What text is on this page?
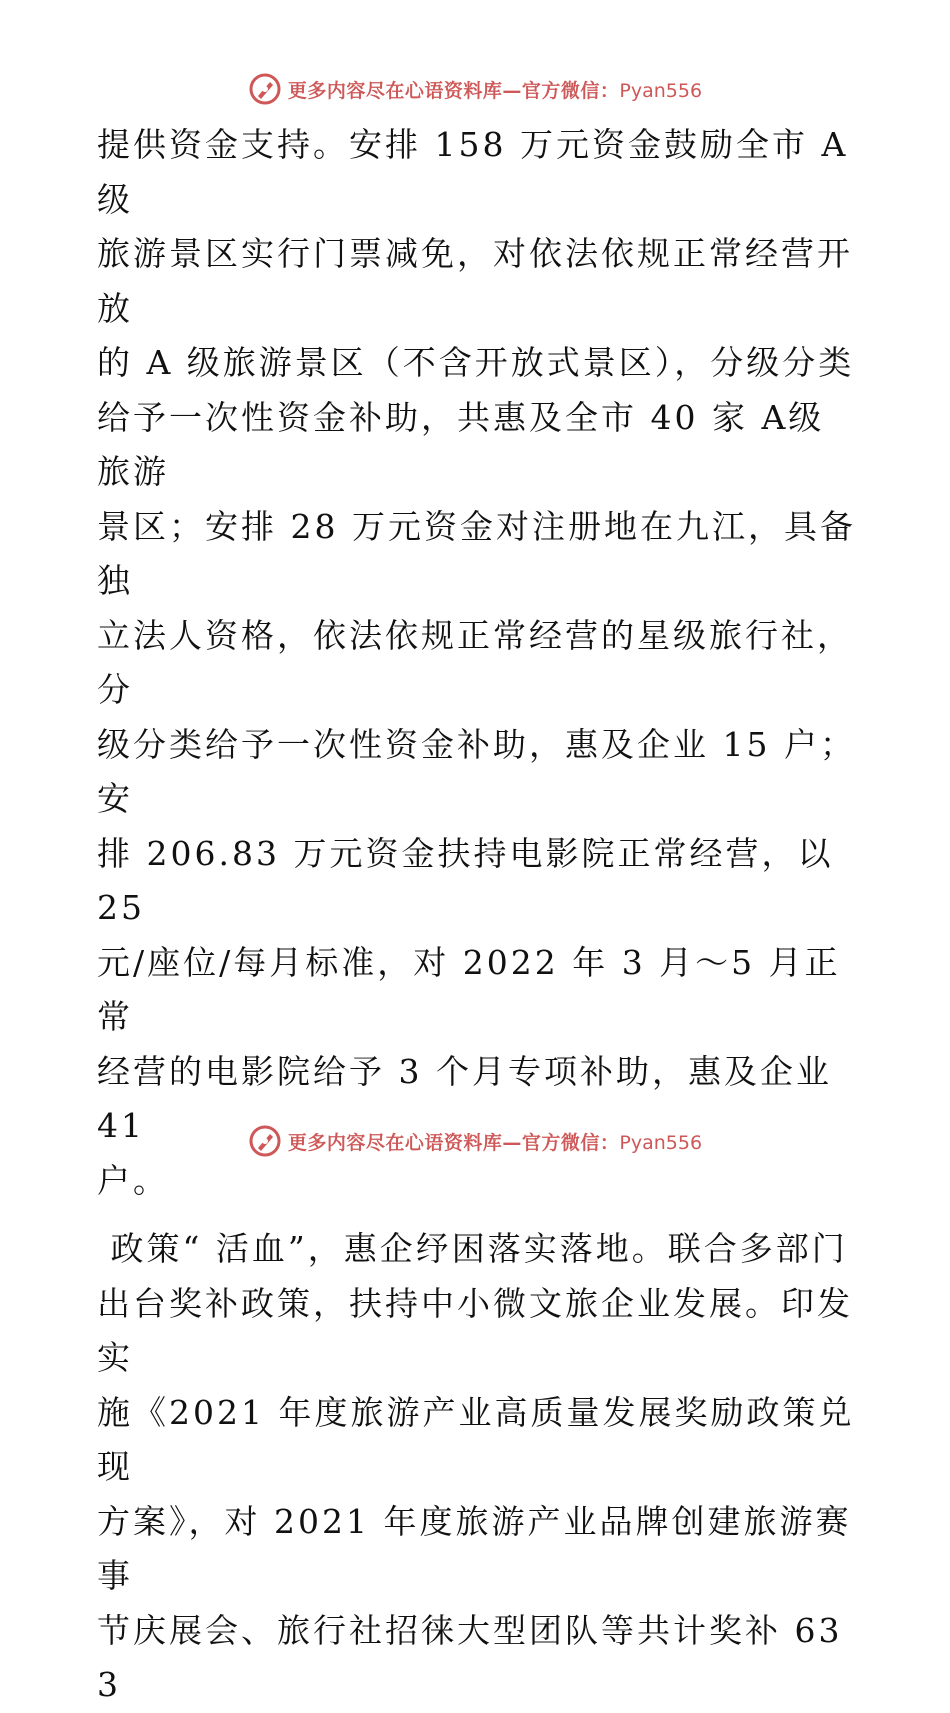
更多内容尽在心语资料库—官方微信：Pyan556

提供资金支持。安排 158 万元资金鼓励全市 A 级
旅游景区实行门票减免，对依法依规正常经营开放
的 A 级旅游景区（不含开放式景区），分级分类
给予一次性资金补助，共惠及全市 40 家 A级旅游
景区；安排 28 万元资金对注册地在九江，具备独
立法人资格，依法依规正常经营的星级旅行社，分
级分类给予一次性资金补助，惠及企业 15 户；安
排 206.83 万元资金扶持电影院正常经营，以 25
元/座位/每月标准，对 2022 年 3 月～5 月正常
经营的电影院给予 3 个月专项补助，惠及企业 41
户。

政策“ 活血”，惠企纾困落实落地。联合多部门
出台奖补政策，扶持中小微文旅企业发展。印发实
施《2021 年度旅游产业高质量发展奖励政策兑现
方案》，对 2021 年度旅游产业品牌创建旅游赛事
节庆展会、旅行社招徕大型团队等共计奖补 633

更多内容尽在心语资料库—官方微信：Pyan556
